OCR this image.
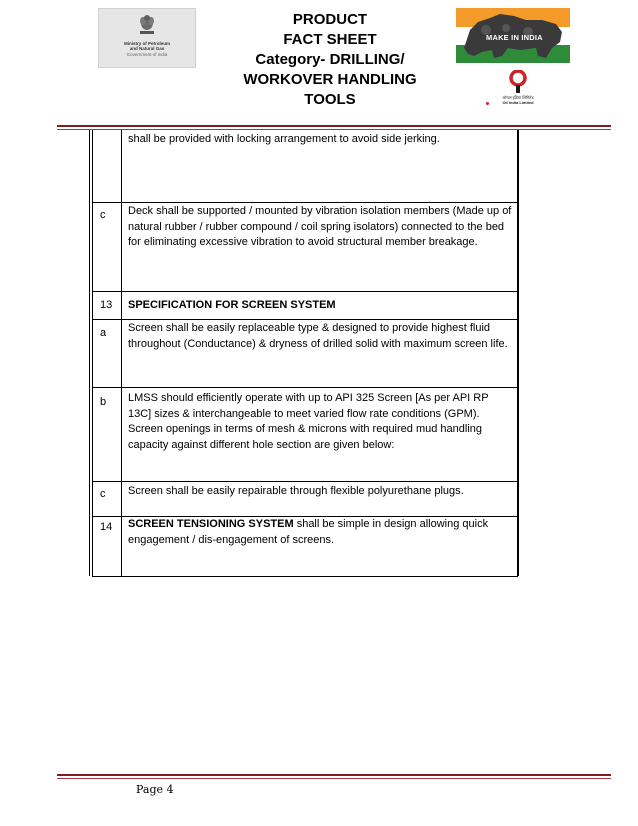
Ministry of Petroleum
and Natural Gas
Government of India
PRODUCT
FACT SHEET
Category- DRILLING/
WORKOVER HANDLING
TOOLS
MAKE IN INDIA
ऑयल इंडिया लिमिटेड
Oil India Limited
shall be provided with locking arrangement to avoid side jerking.
c Deck shall be supported / mounted by vibration isolation members (Made up of natural rubber / rubber compound / coil spring isolators) connected to the bed for eliminating excessive vibration to avoid structural member breakage.
13 SPECIFICATION FOR SCREEN SYSTEM
a Screen shall be easily replaceable type & designed to provide highest fluid throughout (Conductance) & dryness of drilled solid with maximum screen life.
b LMSS should efficiently operate with up to API 325 Screen [As per API RP 13C] sizes & interchangeable to meet varied flow rate conditions (GPM). Screen openings in terms of mesh & microns with required mud handling capacity against different hole section are given below:
c Screen shall be easily repairable through flexible polyurethane plugs.
14 SCREEN TENSIONING SYSTEM shall be simple in design allowing quick engagement / dis-engagement of screens.
Page 4
